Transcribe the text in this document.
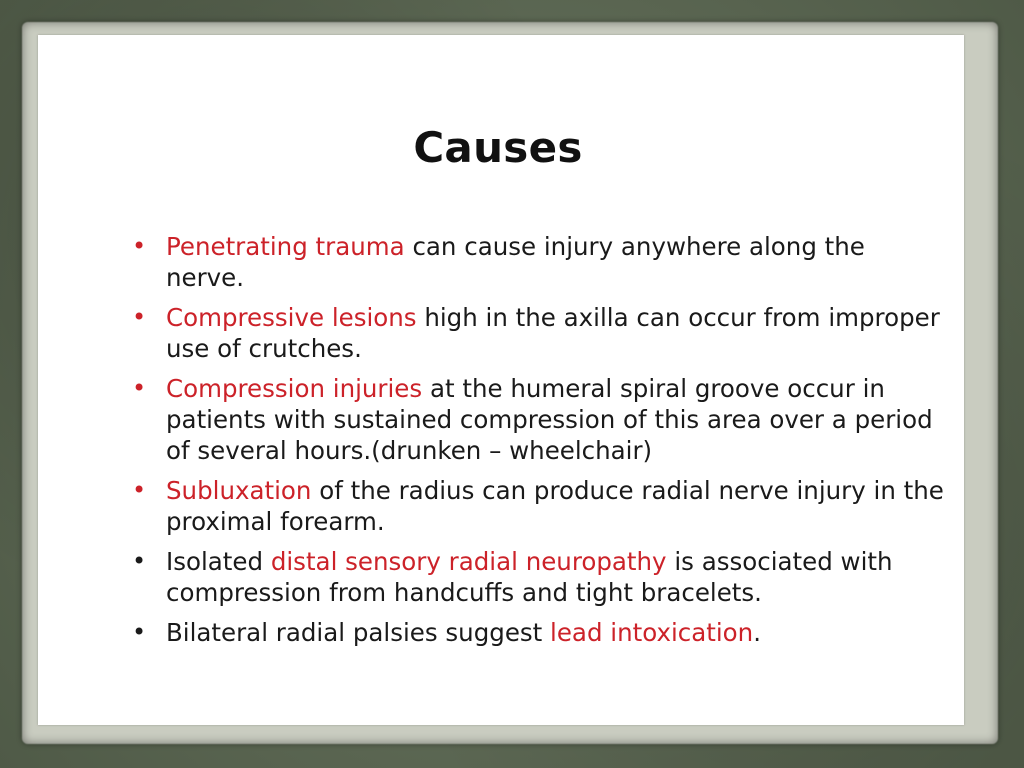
Causes
• Penetrating trauma can cause injury anywhere along the nerve.
• Compressive lesions high in the axilla can occur from improper use of crutches.
• Compression injuries at the humeral spiral groove occur in patients with sustained compression of this area over a period of several hours.(drunken – wheelchair)
• Subluxation of the radius can produce radial nerve injury in the proximal forearm.
• Isolated distal sensory radial neuropathy is associated with compression from handcuffs and tight bracelets.
• Bilateral radial palsies suggest lead intoxication.
